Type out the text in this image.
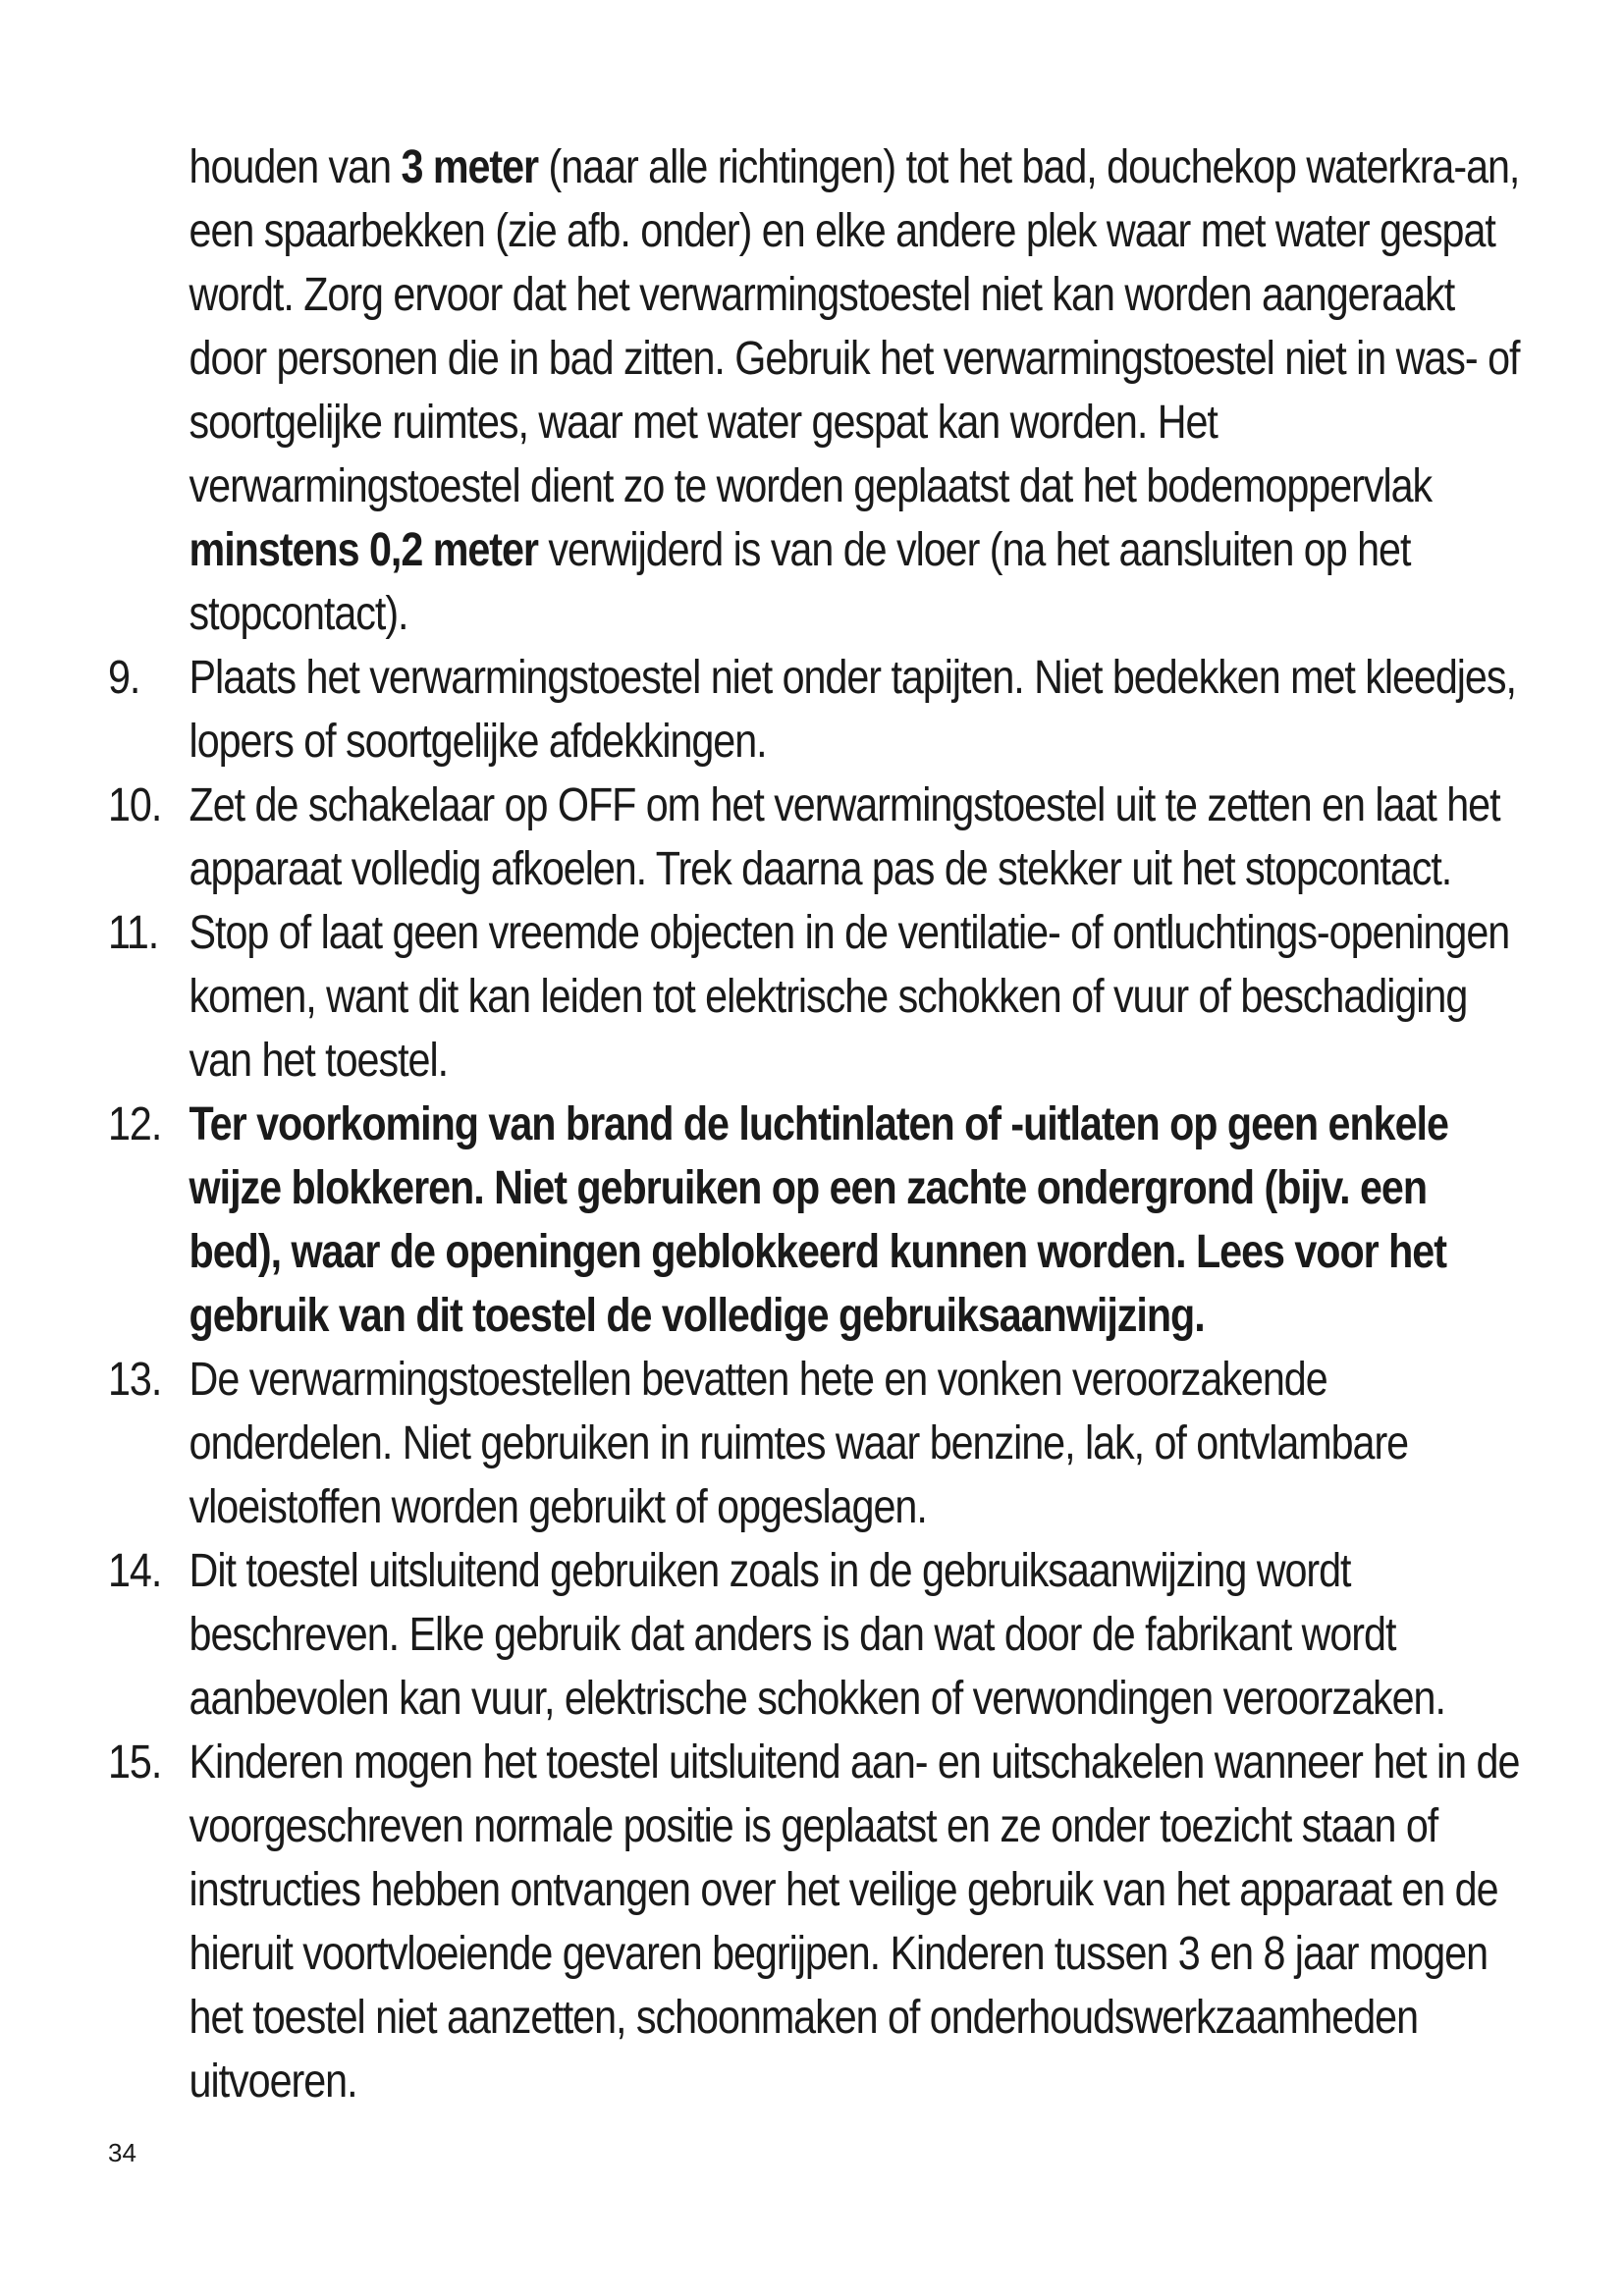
houden van 3 meter (naar alle richtingen) tot het bad, douchekop waterkra-an, een spaarbekken (zie afb. onder) en elke andere plek waar met water gespat wordt. Zorg ervoor dat het verwarmingstoestel niet kan worden aangeraakt door personen die in bad zitten. Gebruik het verwarmingstoestel niet in was- of soortgelijke ruimtes, waar met water gespat kan worden. Het verwarmingstoestel dient zo te worden geplaatst dat het bodemoppervlak minstens 0,2 meter verwijderd is van de vloer (na het aansluiten op het stopcontact).

9. Plaats het verwarmingstoestel niet onder tapijten. Niet bedekken met kleedjes, lopers of soortgelijke afdekkingen.

10. Zet de schakelaar op OFF om het verwarmingstoestel uit te zetten en laat het apparaat volledig afkoelen. Trek daarna pas de stekker uit het stopcontact.

11. Stop of laat geen vreemde objecten in de ventilatie- of ontluchtings-openingen komen, want dit kan leiden tot elektrische schokken of vuur of beschadiging van het toestel.

12. Ter voorkoming van brand de luchtinlaten of -uitlaten op geen enkele wijze blokkeren. Niet gebruiken op een zachte ondergrond (bijv. een bed), waar de openingen geblokkeerd kunnen worden. Lees voor het gebruik van dit toestel de volledige gebruiksaanwijzing.

13. De verwarmingstoestellen bevatten hete en vonken veroorzakende onderdelen. Niet gebruiken in ruimtes waar benzine, lak, of ontvlambare vloeistoffen worden gebruikt of opgeslagen.

14. Dit toestel uitsluitend gebruiken zoals in de gebruiksaanwijzing wordt beschreven. Elke gebruik dat anders is dan wat door de fabrikant wordt aanbevolen kan vuur, elektrische schokken of verwondingen veroorzaken.

15. Kinderen mogen het toestel uitsluitend aan- en uitschakelen wanneer het in de voorgeschreven normale positie is geplaatst en ze onder toezicht staan of instructies hebben ontvangen over het veilige gebruik van het apparaat en de hieruit voortvloeiende gevaren begrijpen. Kinderen tussen 3 en 8 jaar mogen het toestel niet aanzetten, schoonmaken of onderhoudswerkzaamheden uitvoeren.

34
